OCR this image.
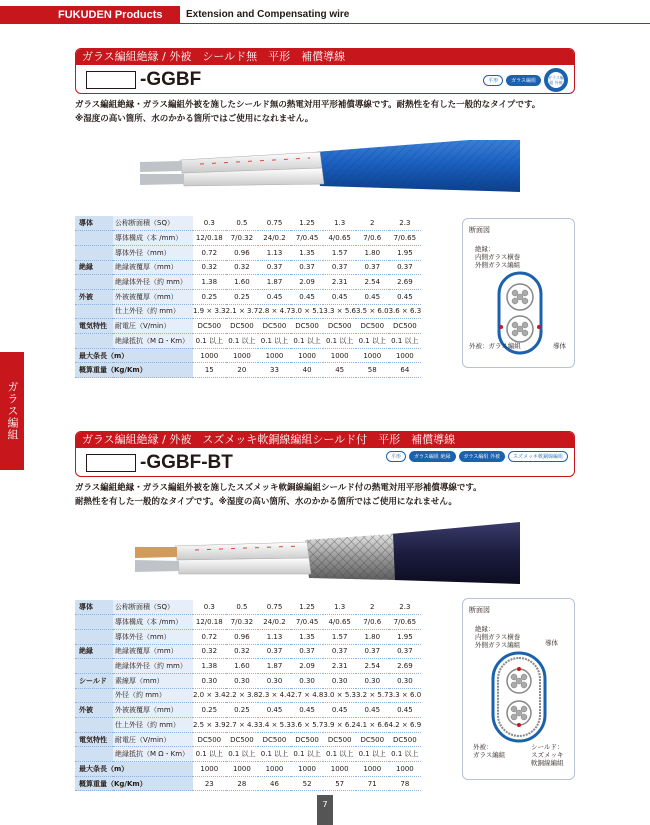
FUKUDEN Products CATALOG
Extension and Compensating wire
ガラス編組
ガラス編組絶縁 / 外被　シールド無　平形　補償導線
-GGBF	平形	ガラス編組	ガラス編組 外被
ガラス編組絶縁・ガラス編組外被を施したシールド無の熱電対用平形補償導線です。耐熱性を有した一般的なタイプです。
※湿度の高い箇所、水のかかる箇所ではご使用になれません。
導体	公称断面積（SQ）	0.3	0.5	0.75	1.25	1.3	2	2.3
	導体構成（本 /mm）	12/0.18	7/0.32	24/0.2	7/0.45	4/0.65	7/0.6	7/0.65
	導体外径（mm）	0.72	0.96	1.13	1.35	1.57	1.80	1.95
絶縁	絶縁被覆厚（mm）	0.32	0.32	0.37	0.37	0.37	0.37	0.37
	絶縁体外径（約 mm）	1.38	1.60	1.87	2.09	2.31	2.54	2.69
外被	外被被覆厚（mm）	0.25	0.25	0.45	0.45	0.45	0.45	0.45
	仕上外径（約 mm）	1.9 × 3.3	2.1 × 3.7	2.8 × 4.7	3.0 × 5.1	3.3 × 5.6	3.5 × 6.0	3.6 × 6.3
電気特性	耐電圧（V/min）	DC500	DC500	DC500	DC500	DC500	DC500	DC500
	絶縁抵抗（M Ω・Km）	0.1 以上	0.1 以上	0.1 以上	0.1 以上	0.1 以上	0.1 以上	0.1 以上
最大条長（m）		1000	1000	1000	1000	1000	1000	1000
概算重量（Kg/Km）		15	20	33	40	45	58	64
断面図
絶縁：
内側ガラス横巻
外側ガラス編組
外被：ガラス編組	導体
ガラス編組絶縁 / 外被　スズメッキ軟銅線編組シールド付　平形　補償導線
-GGBF-BT	平形	ガラス編組 絶縁	ガラス編組 外被	スズメッキ軟銅線編組
ガラス編組絶縁・ガラス編組外被を施したスズメッキ軟銅線編組シールド付の熱電対用平形補償導線です。
耐熱性を有した一般的なタイプです。※湿度の高い箇所、水のかかる箇所ではご使用になれません。
導体	公称断面積（SQ）	0.3	0.5	0.75	1.25	1.3	2	2.3
	導体構成（本 /mm）	12/0.18	7/0.32	24/0.2	7/0.45	4/0.65	7/0.6	7/0.65
	導体外径（mm）	0.72	0.96	1.13	1.35	1.57	1.80	1.95
絶縁	絶縁被覆厚（mm）	0.32	0.32	0.37	0.37	0.37	0.37	0.37
	絶縁体外径（約 mm）	1.38	1.60	1.87	2.09	2.31	2.54	2.69
シールド	素線厚（mm）	0.30	0.30	0.30	0.30	0.30	0.30	0.30
	外径（約 mm）	2.0 × 3.4	2.2 × 3.8	2.3 × 4.4	2.7 × 4.8	3.0 × 5.3	3.2 × 5.7	3.3 × 6.0
外被	外被被覆厚（mm）	0.25	0.25	0.45	0.45	0.45	0.45	0.45
	仕上外径（約 mm）	2.5 × 3.9	2.7 × 4.3	3.4 × 5.3	3.6 × 5.7	3.9 × 6.2	4.1 × 6.6	4.2 × 6.9
電気特性	耐電圧（V/min）	DC500	DC500	DC500	DC500	DC500	DC500	DC500
	絶縁抵抗（M Ω・Km）	0.1 以上	0.1 以上	0.1 以上	0.1 以上	0.1 以上	0.1 以上	0.1 以上
最大条長（m）		1000	1000	1000	1000	1000	1000	1000
概算重量（Kg/Km）		23	28	46	52	57	71	78
断面図
絶縁：
内側ガラス横巻
外側ガラス編組	導体
外被：
ガラス編組
シールド：
スズメッキ
軟銅線編組
7
